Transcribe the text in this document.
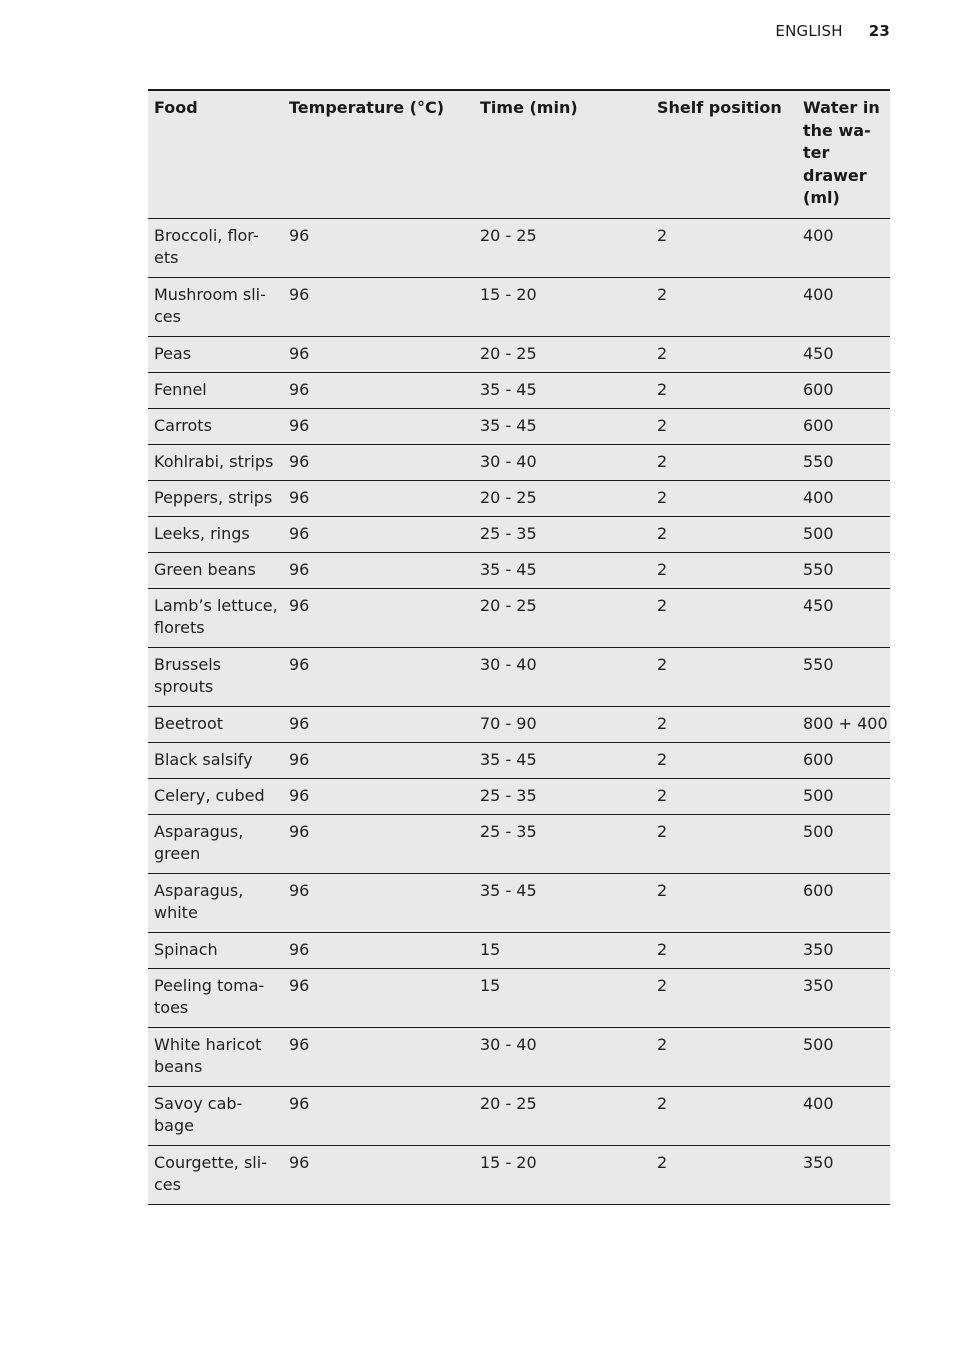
ENGLISH 23
Food	Temperature (°C)	Time (min)	Shelf position	Water in the wa-ter drawer (ml)
Broccoli, flor-ets	96	20 - 25	2	400
Mushroom sli-ces	96	15 - 20	2	400
Peas	96	20 - 25	2	450
Fennel	96	35 - 45	2	600
Carrots	96	35 - 45	2	600
Kohlrabi, strips	96	30 - 40	2	550
Peppers, strips	96	20 - 25	2	400
Leeks, rings	96	25 - 35	2	500
Green beans	96	35 - 45	2	550
Lamb’s lettuce, florets	96	20 - 25	2	450
Brussels sprouts	96	30 - 40	2	550
Beetroot	96	70 - 90	2	800 + 400
Black salsify	96	35 - 45	2	600
Celery, cubed	96	25 - 35	2	500
Asparagus, green	96	25 - 35	2	500
Asparagus, white	96	35 - 45	2	600
Spinach	96	15	2	350
Peeling toma-toes	96	15	2	350
White haricot beans	96	30 - 40	2	500
Savoy cab-bage	96	20 - 25	2	400
Courgette, sli-ces	96	15 - 20	2	350
